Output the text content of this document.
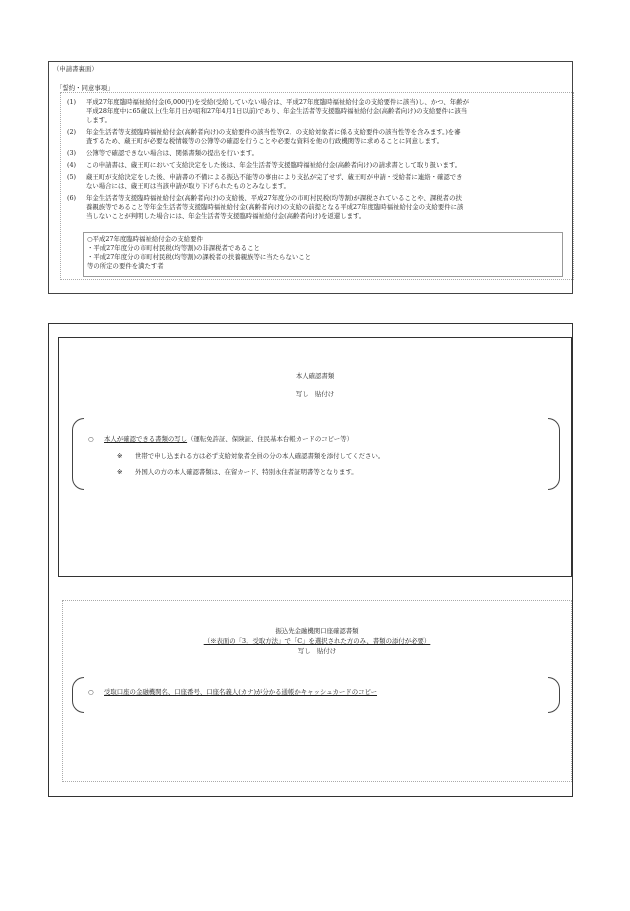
（申請書裏面）
「誓約・同意事項」
(1) 平成27年度臨時福祉給付金(6,000円)を受給(受給していない場合は、平成27年度臨時福祉給付金の支給要件に該当)し、かつ、年齢が
平成28年度中に65歳以上(生年月日が昭和27年4月1日以前)であり、年金生活者等支援臨時福祉給付金(高齢者向け)の支給要件に該当
します。
(2) 年金生活者等支援臨時福祉給付金(高齢者向け)の支給要件の該当性等(2．の支給対象者に係る支給要件の該当性等を含みます。)を審
査するため、蔵王町が必要な税情報等の公簿等の確認を行うことや必要な資料を他の行政機関等に求めることに同意します。
(3) 公簿等で確認できない場合は、関係書類の提出を行います。
(4) この申請書は、蔵王町において支給決定をした後は、年金生活者等支援臨時福祉給付金(高齢者向け)の請求書として取り扱います。
(5) 蔵王町が支給決定をした後、申請書の不備による振込不能等の事由により支払が完了せず、蔵王町が申請・受給者に連絡・確認でき
ない場合には、蔵王町は当該申請が取り下げられたものとみなします。
(6) 年金生活者等支援臨時福祉給付金(高齢者向け)の支給後、平成27年度分の市町村民税(均等割)が課税されていることや、課税者の扶
養親族等であること等年金生活者等支援臨時福祉給付金(高齢者向け)の支給の前提となる平成27年度臨時福祉給付金の支給要件に該
当しないことが判明した場合には、年金生活者等支援臨時福祉給付金(高齢者向け)を返還します。
○平成27年度臨時福祉給付金の支給要件
・平成27年度分の市町村民税(均等割)の非課税者であること
・平成27年度分の市町村民税(均等割)の課税者の扶養親族等に当たらないこと
等の所定の要件を満たす者
本人確認書類
写し　貼付け
○ 本人が確認できる書類の写し（運転免許証、保険証、住民基本台帳カードのコピー等）
※ 世帯で申し込まれる方は必ず支給対象者全員の分の本人確認書類を添付してください。
※ 外国人の方の本人確認書類は、在留カード、特別永住者証明書等となります。
振込先金融機関口座確認書類
（※表面の「3．受取方法」で「C」を選択された方のみ、書類の添付が必要）
写し　貼付け
○ 受取口座の金融機関名、口座番号、口座名義人(カナ)が分かる通帳かキャッシュカードのコピー
